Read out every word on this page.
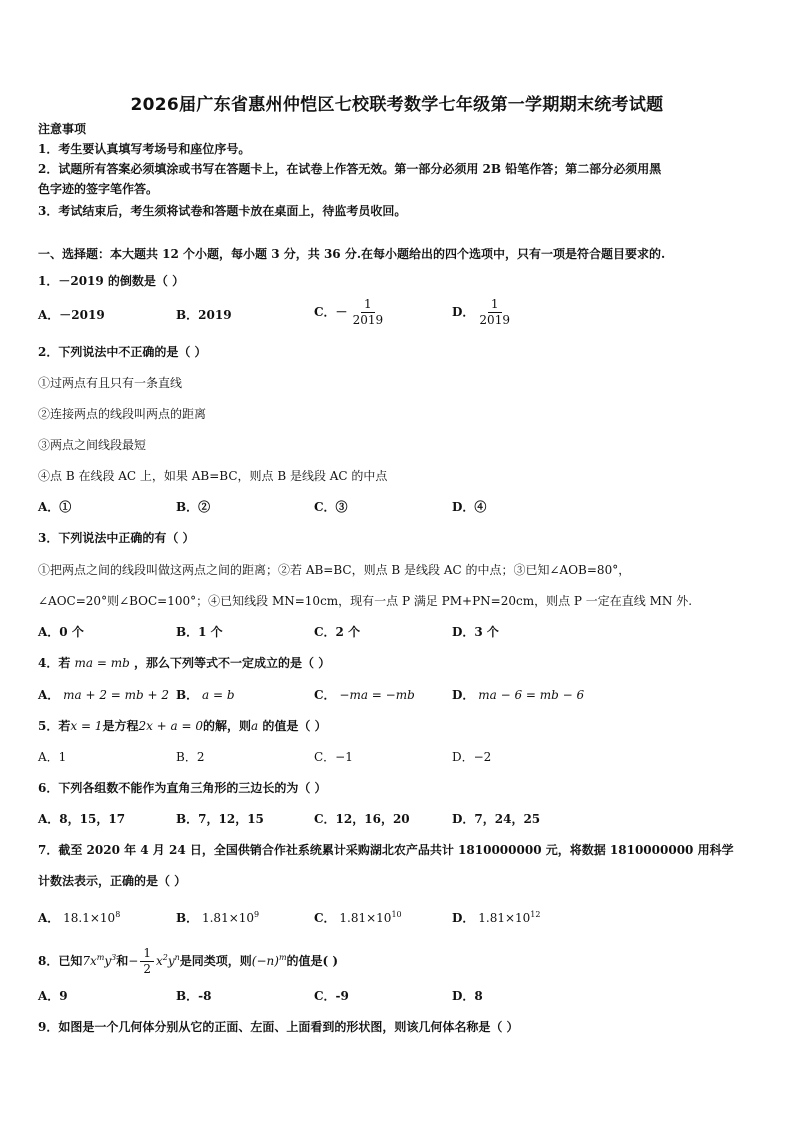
2026届广东省惠州仲恺区七校联考数学七年级第一学期期末统考试题
注意事项
1．考生要认真填写考场号和座位序号。
2．试题所有答案必须填涂或书写在答题卡上，在试卷上作答无效。第一部分必须用 2B 铅笔作答；第二部分必须用黑
色字迹的签字笔作答。
3．考试结束后，考生须将试卷和答题卡放在桌面上，待监考员收回。
一、选择题：本大题共 12 个小题，每小题 3 分，共 36 分.在每小题给出的四个选项中，只有一项是符合题目要求的.
1．－2019 的倒数是（ ）
A．－2019	B．2019	C．－ $\frac{1}{2019}$	D． $\frac{1}{2019}$
2．下列说法中不正确的是（ ）
①过两点有且只有一条直线
②连接两点的线段叫两点的距离
③两点之间线段最短
④点 B 在线段 AC 上，如果 AB=BC，则点 B 是线段 AC 的中点
A．①	B．②	C．③	D．④
3．下列说法中正确的有（ ）
①把两点之间的线段叫做这两点之间的距离；②若 AB=BC，则点 B 是线段 AC 的中点；③已知∠AOB=80°，
∠AOC=20°则∠BOC=100°；④已知线段 MN=10cm，现有一点 P 满足 PM+PN=20cm，则点 P 一定在直线 MN 外.
A．0 个	B．1 个	C．2 个	D．3 个
4．若 ma = mb ，那么下列等式不一定成立的是（ ）
A． ma + 2 = mb + 2 B． a = b	C． −ma = −mb	D． ma − 6 = mb − 6
5．若x = 1是方程2x + a = 0的解，则a 的值是（ ）
A．1	B．2	C．−1	D．−2
6．下列各组数不能作为直角三角形的三边长的为（ ）
A．8，15，17	B．7，12，15	C．12，16，20	D．7，24，25
7．截至 2020 年 4 月 24 日，全国供销合作社系统累计采购湖北农产品共计 1810000000 元，将数据 1810000000 用科学
计数法表示，正确的是（ ）
A． $18.1\times 10^8$	B． $1.81\times 10^9$	C． $1.81\times 10^{10}$	D． $1.81\times 10^{12}$
8．已知$7x^my^3$和− $\frac{1}{2} x^2y^n$是同类项，则$(-n)^m$的值是( )
A．9	B．-8	C．-9	D．8
9．如图是一个几何体分别从它的正面、左面、上面看到的形状图，则该几何体名称是（ ）
